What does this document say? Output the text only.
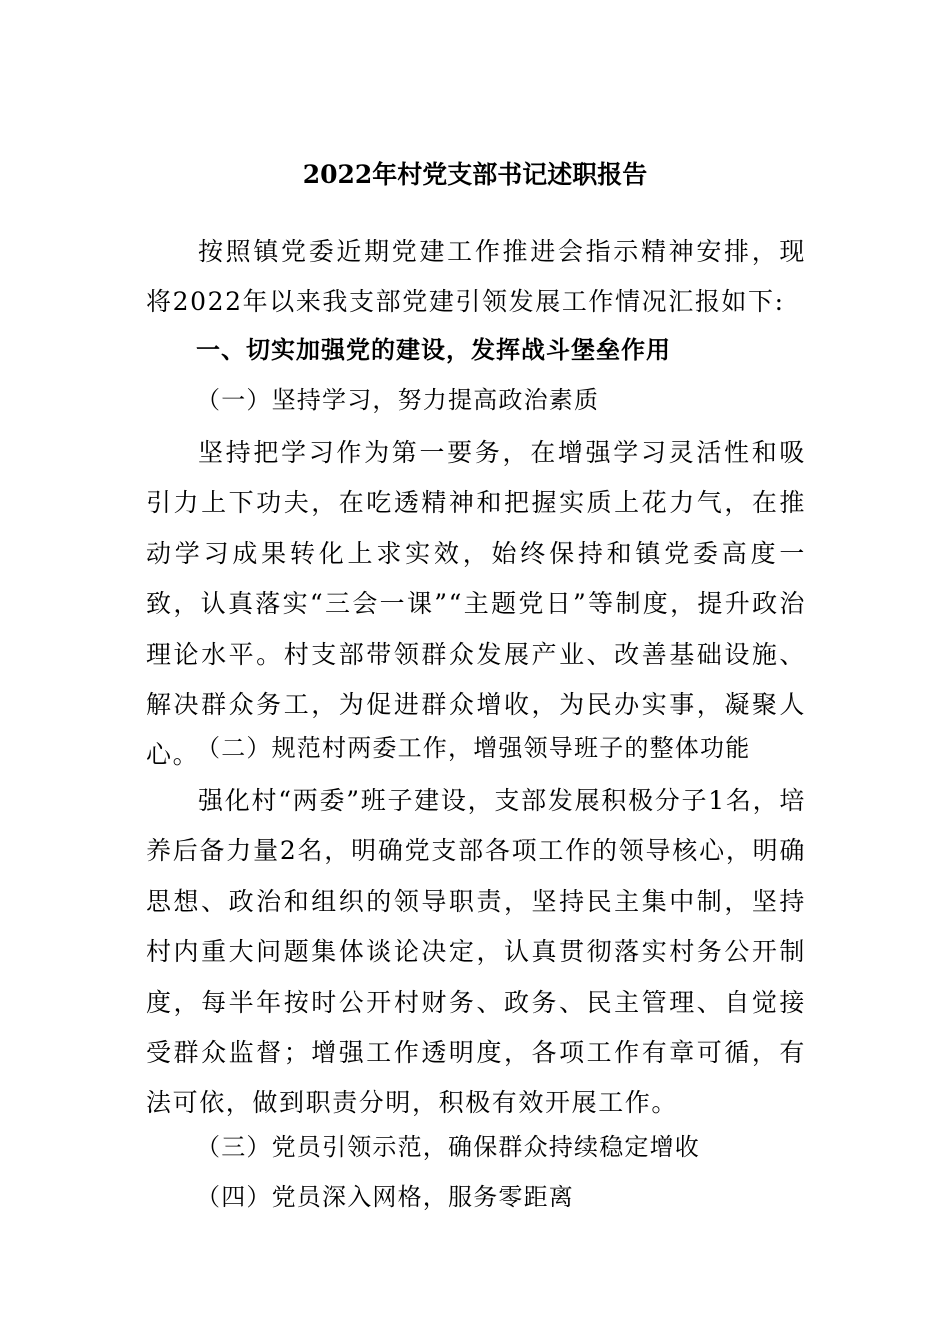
2022年村党支部书记述职报告

按照镇党委近期党建工作推进会指示精神安排，现将2022年以来我支部党建引领发展工作情况汇报如下:

一、切实加强党的建设，发挥战斗堡垒作用
（一）坚持学习，努力提高政治素质

坚持把学习作为第一要务，在增强学习灵活性和吸引力上下功夫，在吃透精神和把握实质上花力气，在推动学习成果转化上求实效，始终保持和镇党委高度一致，认真落实“三会一课”“主题党日”等制度，提升政治理论水平。村支部带领群众发展产业、改善基础设施、解决群众务工，为促进群众增收，为民办实事，凝聚人心。

（二）规范村两委工作，增强领导班子的整体功能

强化村“两委”班子建设，支部发展积极分子1名，培养后备力量2名，明确党支部各项工作的领导核心，明确思想、政治和组织的领导职责，坚持民主集中制，坚持村内重大问题集体谈论决定，认真贯彻落实村务公开制度，每半年按时公开村财务、政务、民主管理、自觉接受群众监督；增强工作透明度，各项工作有章可循，有法可依，做到职责分明，积极有效开展工作。

（三）党员引领示范，确保群众持续稳定增收
（四）党员深入网格，服务零距离
